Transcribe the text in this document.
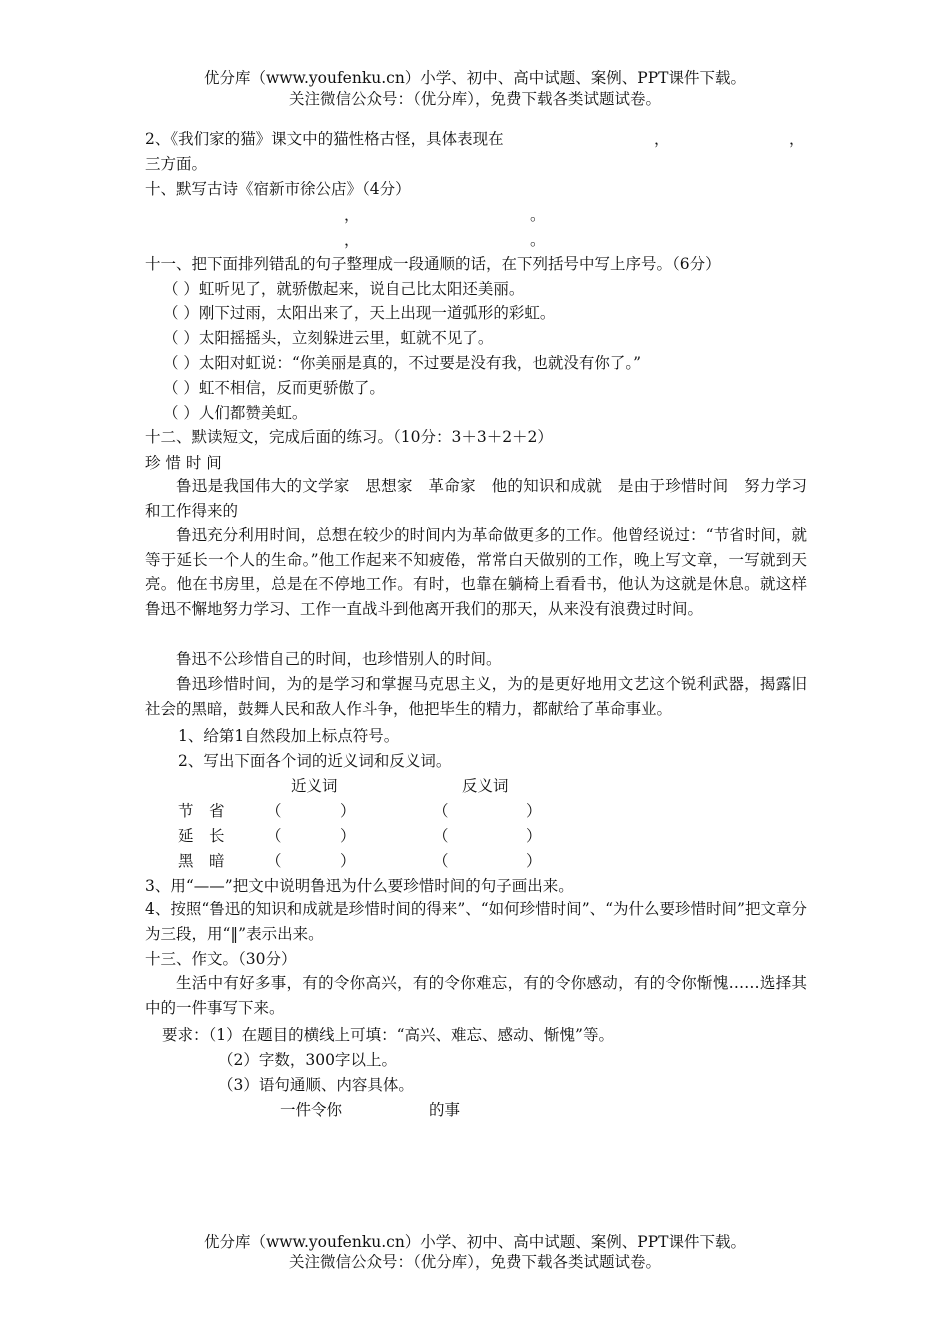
优分库（www.youfenku.cn）小学、初中、高中试题、案例、PPT课件下载。
关注微信公众号：（优分库），免费下载各类试题试卷。
2、《我们家的猫》课文中的猫性格古怪，具体表现在	，	，
三方面。
十、默写古诗《宿新市徐公店》（4分）
，	。
，	。
十一、把下面排列错乱的句子整理成一段通顺的话，在下列括号中写上序号。（6分）
（ ）虹听见了，就骄傲起来，说自己比太阳还美丽。
（ ）刚下过雨，太阳出来了，天上出现一道弧形的彩虹。
（ ）太阳摇摇头，立刻躲进云里，虹就不见了。
（ ）太阳对虹说：“你美丽是真的，不过要是没有我，也就没有你了。”
（ ）虹不相信，反而更骄傲了。
（ ）人们都赞美虹。
十二、默读短文，完成后面的练习。（10分：3＋3＋2＋2）
珍 惜 时 间
鲁迅是我国伟大的文学家　思想家　革命家　他的知识和成就　是由于珍惜时间　努力学习和工作得来的
鲁迅充分利用时间，总想在较少的时间内为革命做更多的工作。他曾经说过：“节省时间，就等于延长一个人的生命。”他工作起来不知疲倦，常常白天做别的工作，晚上写文章，一写就到天亮。他在书房里，总是在不停地工作。有时，也靠在躺椅上看看书，他认为这就是休息。就这样鲁迅不懈地努力学习、工作一直战斗到他离开我们的那天，从来没有浪费过时间。
鲁迅不公珍惜自己的时间，也珍惜别人的时间。
鲁迅珍惜时间，为的是学习和掌握马克思主义，为的是更好地用文艺这个锐利武器，揭露旧社会的黑暗，鼓舞人民和敌人作斗争，他把毕生的精力，都献给了革命事业。
1、给第1自然段加上标点符号。
2、写出下面各个词的近义词和反义词。
近义词	反义词
节　省	（	）	（	）
延　长	（	）	（	）
黑　暗	（	）	（	）
3、用“——”把文中说明鲁迅为什么要珍惜时间的句子画出来。
4、按照“鲁迅的知识和成就是珍惜时间的得来”、“如何珍惜时间”、“为什么要珍惜时间”把文章分为三段，用“‖”表示出来。
十三、作文。（30分）
生活中有好多事，有的令你高兴，有的令你难忘，有的令你感动，有的令你惭愧……选择其中的一件事写下来。
要求：（1）在题目的横线上可填：“高兴、难忘、感动、惭愧”等。
（2）字数，300字以上。
（3）语句通顺、内容具体。
一件令你	的事
优分库（www.youfenku.cn）小学、初中、高中试题、案例、PPT课件下载。
关注微信公众号：（优分库），免费下载各类试题试卷。
